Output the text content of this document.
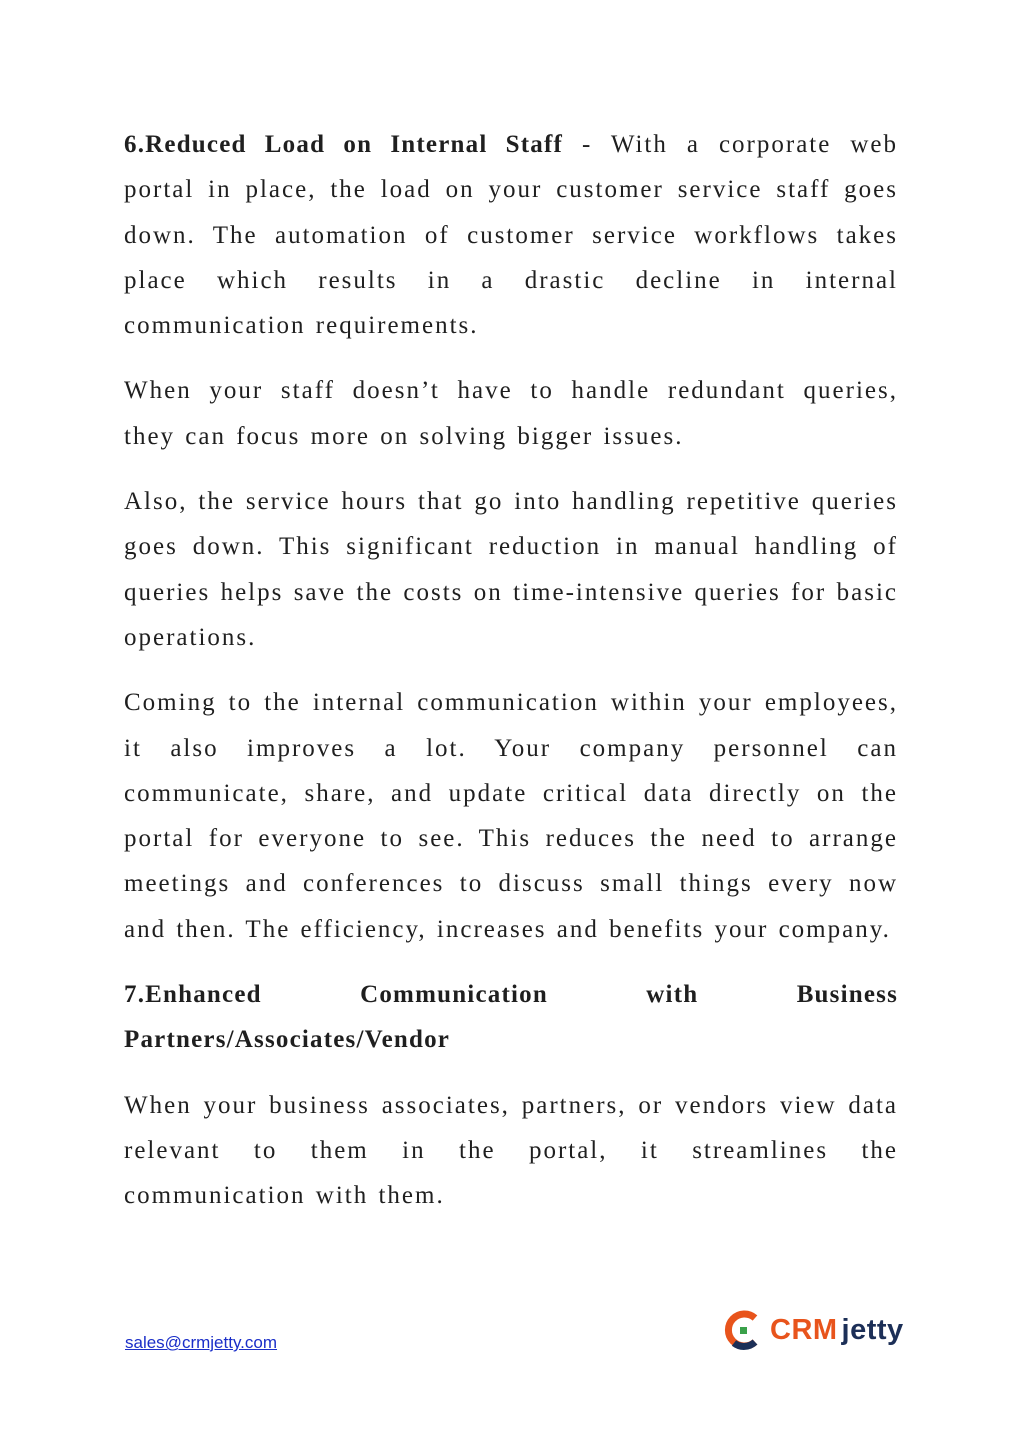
6.Reduced Load on Internal Staff - With a corporate web portal in place, the load on your customer service staff goes down. The automation of customer service workflows takes place which results in a drastic decline in internal communication requirements.

When your staff doesn’t have to handle redundant queries, they can focus more on solving bigger issues.

Also, the service hours that go into handling repetitive queries goes down. This significant reduction in manual handling of queries helps save the costs on time-intensive queries for basic operations.

Coming to the internal communication within your employees, it also improves a lot. Your company personnel can communicate, share, and update critical data directly on the portal for everyone to see. This reduces the need to arrange meetings and conferences to discuss small things every now and then. The efficiency, increases and benefits your company.

7.Enhanced	Communication	with	Business
Partners/Associates/Vendor

When your business associates, partners, or vendors view data relevant to them in the portal, it streamlines the communication with them.

sales@crmjetty.com	CRM jetty
